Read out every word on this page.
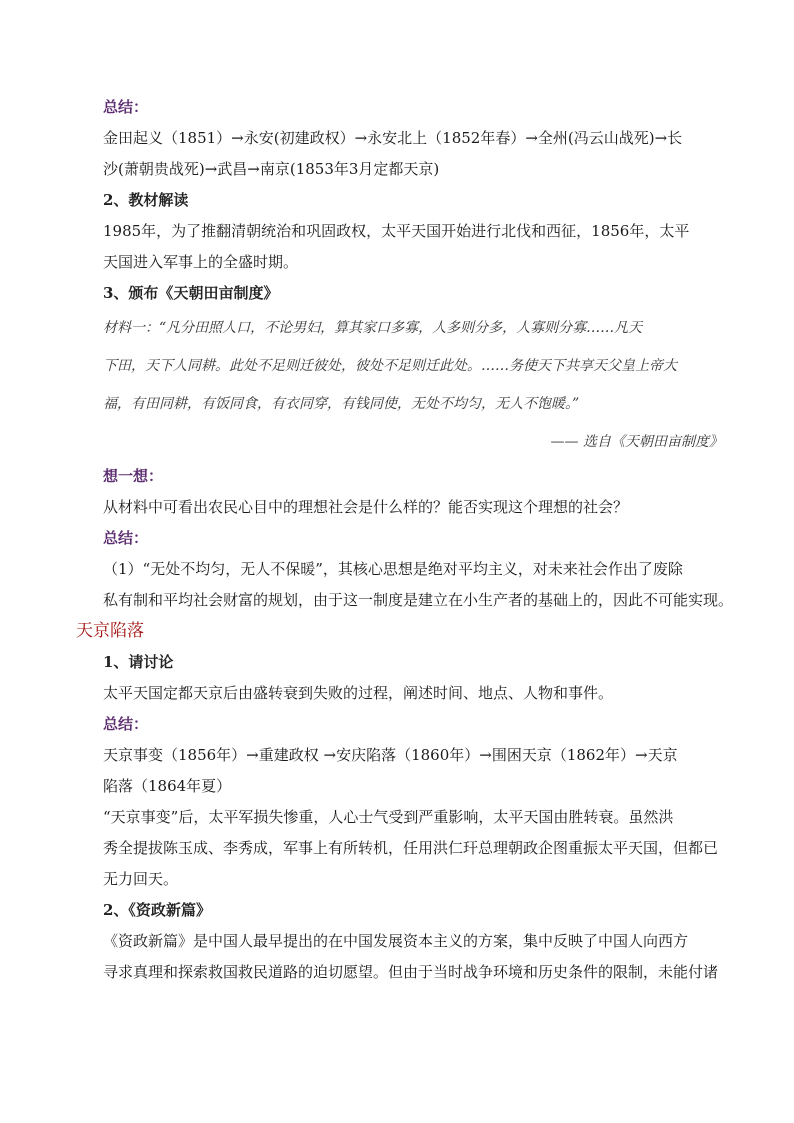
总结：
金田起义（1851）→永安(初建政权）→永安北上（1852年春）→全州(冯云山战死)→长
沙(萧朝贵战死)→武昌→南京(1853年3月定都天京)
2、教材解读
1985年，为了推翻清朝统治和巩固政权，太平天国开始进行北伐和西征，1856年，太平
天国进入军事上的全盛时期。
3、颁布《天朝田亩制度》
材料一：“凡分田照人口，不论男妇，算其家口多寡，人多则分多，人寡则分寡……凡天
下田，天下人同耕。此处不足则迁彼处，彼处不足则迁此处。……务使天下共享天父皇上帝大
福，有田同耕，有饭同食，有衣同穿，有钱同使，无处不均匀，无人不饱暖。”
—— 选自《天朝田亩制度》
想一想：
从材料中可看出农民心目中的理想社会是什么样的？能否实现这个理想的社会？
总结：
（1）“无处不均匀，无人不保暖”，其核心思想是绝对平均主义，对未来社会作出了废除
私有制和平均社会财富的规划，由于这一制度是建立在小生产者的基础上的，因此不可能实现。
天京陷落
1、请讨论
太平天国定都天京后由盛转衰到失败的过程，阐述时间、地点、人物和事件。
总结：
天京事变（1856年）→重建政权 →安庆陷落（1860年）→围困天京（1862年）→天京
陷落（1864年夏）
“天京事变”后，太平军损失惨重，人心士气受到严重影响，太平天国由胜转衰。虽然洪
秀全提拔陈玉成、李秀成，军事上有所转机，任用洪仁玕总理朝政企图重振太平天国，但都已
无力回天。
2、《资政新篇》
《资政新篇》是中国人最早提出的在中国发展资本主义的方案，集中反映了中国人向西方
寻求真理和探索救国救民道路的迫切愿望。但由于当时战争环境和历史条件的限制，未能付诸
